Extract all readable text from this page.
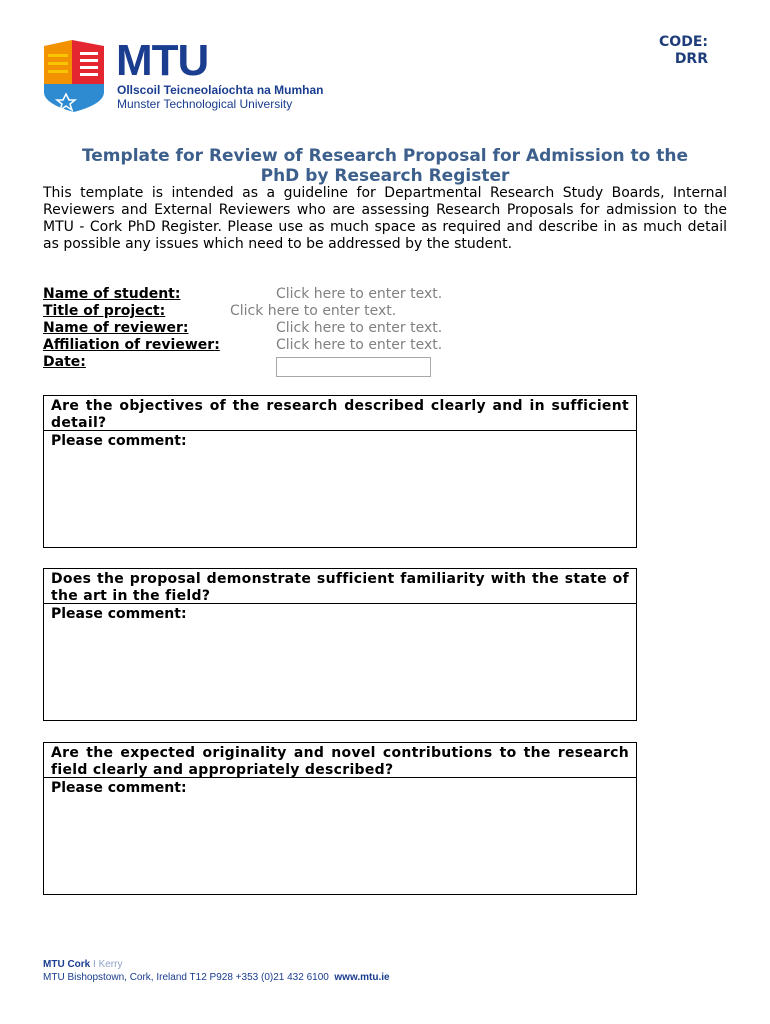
MTU
Ollscoil Teicneolaíochta na Mumhan
Munster Technological University
CODE:
DRR
Template for Review of Research Proposal for Admission to the
PhD by Research Register
This template is intended as a guideline for Departmental Research Study Boards, Internal Reviewers and External Reviewers who are assessing Research Proposals for admission to the MTU - Cork PhD Register. Please use as much space as required and describe in as much detail as possible any issues which need to be addressed by the student.
Name of student:	Click here to enter text.
Title of project:	Click here to enter text.
Name of reviewer:	Click here to enter text.
Affiliation of reviewer:	Click here to enter text.
Date:
Are the objectives of the research described clearly and in sufficient detail?
Please comment:
Does the proposal demonstrate sufficient familiarity with the state of the art in the field?
Please comment:
Are the expected originality and novel contributions to the research field clearly and appropriately described?
Please comment:
MTU Cork I Kerry
MTU Bishopstown, Cork, Ireland T12 P928 +353 (0)21 432 6100 www.mtu.ie
